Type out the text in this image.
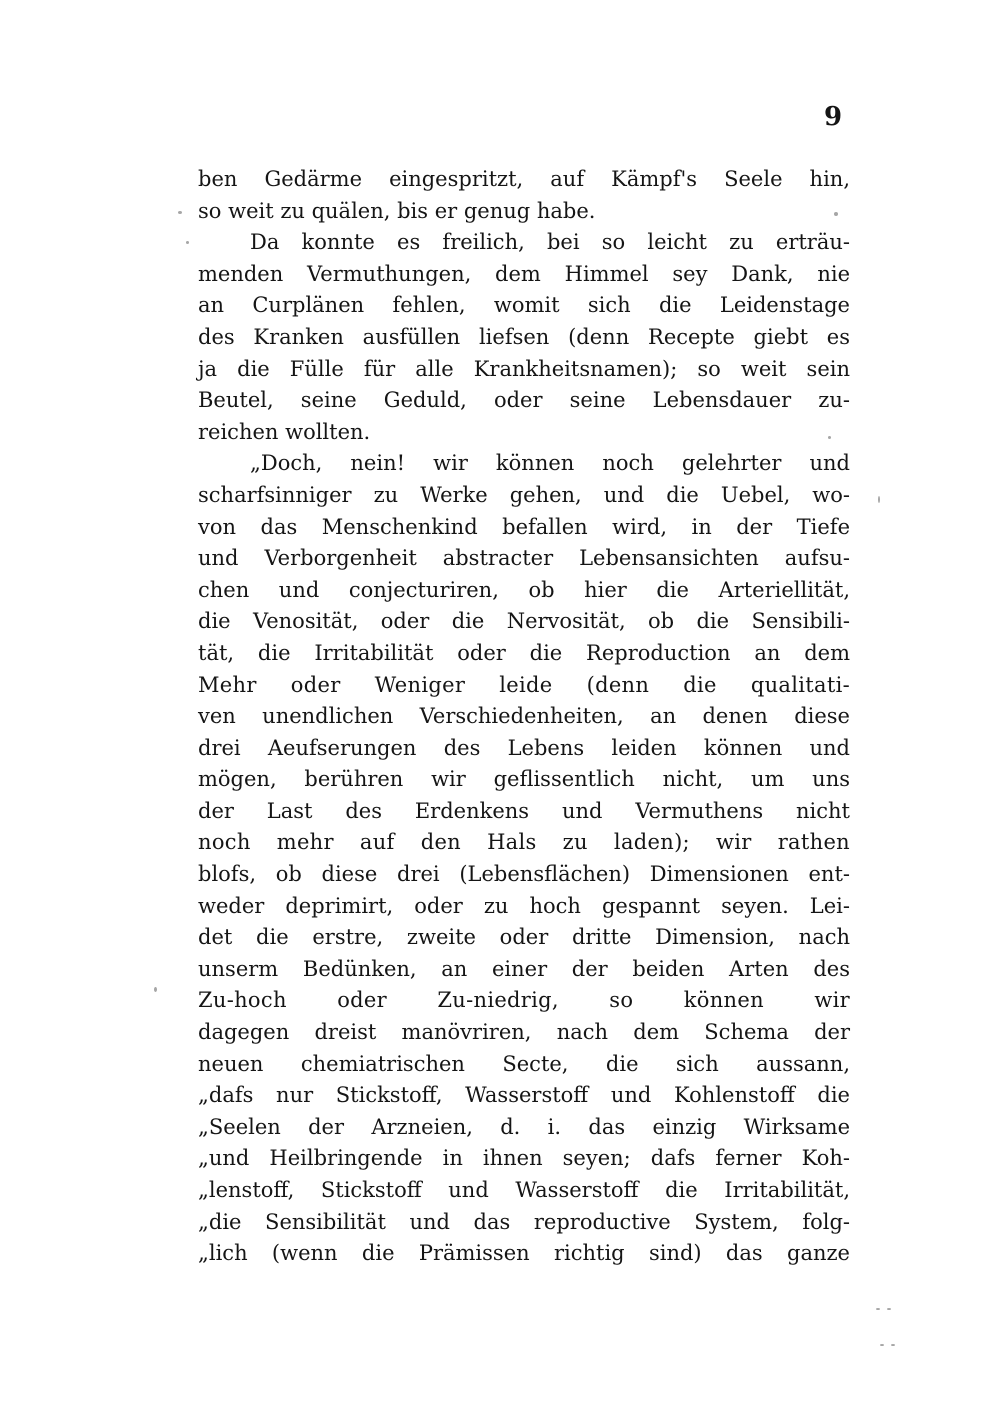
9
ben Gedärme eingespritzt, auf Kämpf's Seele hin,
so weit zu quälen, bis er genug habe.
Da konnte es freilich, bei so leicht zu erträu-
menden Vermuthungen, dem Himmel sey Dank, nie
an Curplänen fehlen, womit sich die Leidenstage
des Kranken ausfüllen liefsen (denn Recepte giebt es
ja die Fülle für alle Krankheitsnamen); so weit sein
Beutel, seine Geduld, oder seine Lebensdauer zu-
reichen wollten.
„Doch, nein! wir können noch gelehrter und
scharfsinniger zu Werke gehen, und die Uebel, wo-
von das Menschenkind befallen wird, in der Tiefe
und Verborgenheit abstracter Lebensansichten aufsu-
chen und conjecturiren, ob hier die Arteriellität,
die Venosität, oder die Nervosität, ob die Sensibili-
tät, die Irritabilität oder die Reproduction an dem
Mehr oder Weniger leide (denn die qualitati-
ven unendlichen Verschiedenheiten, an denen diese
drei Aeufserungen des Lebens leiden können und
mögen, berühren wir geflissentlich nicht, um uns
der Last des Erdenkens und Vermuthens nicht
noch mehr auf den Hals zu laden); wir rathen
blofs, ob diese drei (Lebensflächen) Dimensionen ent-
weder deprimirt, oder zu hoch gespannt seyen. Lei-
det die erstre, zweite oder dritte Dimension, nach
unserm Bedünken, an einer der beiden Arten des
Zu-hoch oder Zu-niedrig, so können wir
dagegen dreist manövriren, nach dem Schema der
neuen chemiatrischen Secte, die sich aussann,
„dafs nur Stickstoff, Wasserstoff und Kohlenstoff die
„Seelen der Arzneien, d. i. das einzig Wirksame
„und Heilbringende in ihnen seyen; dafs ferner Koh-
„lenstoff, Stickstoff und Wasserstoff die Irritabilität,
„die Sensibilität und das reproductive System, folg-
„lich (wenn die Prämissen richtig sind) das ganze
